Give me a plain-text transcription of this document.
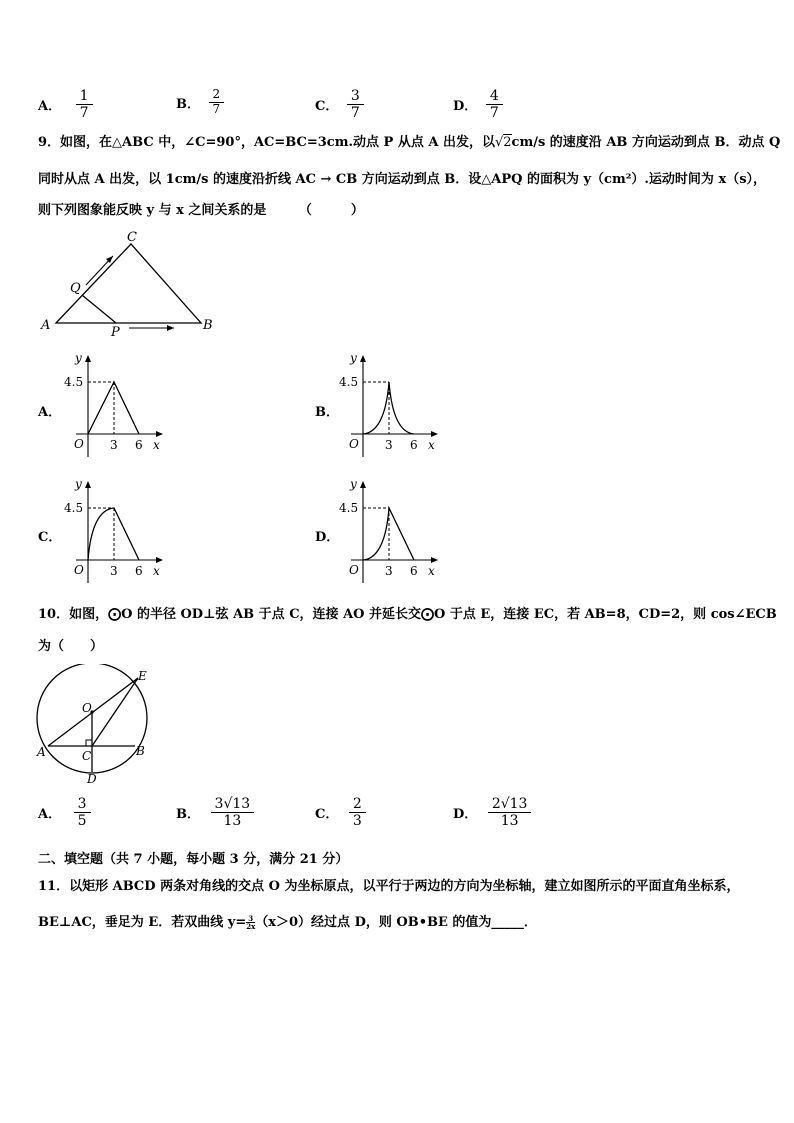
A． $\frac{1}{7}$	B． $\frac{2}{7}$	C． $\frac{3}{7}$	D． $\frac{4}{7}$
9．如图，在△ABC 中，∠C=90°，AC=BC=3cm.动点 P 从点 A 出发，以√2cm/s 的速度沿 AB 方向运动到点 B．动点 Q
同时从点 A 出发，以 1cm/s 的速度沿折线 AC → CB 方向运动到点 B．设△APQ 的面积为 y（cm²）.运动时间为 x（s），
则下列图象能反映 y 与 x 之间关系的是　　　（　　　）
C
Q
A	P	B
A．	B．
C．	D．
y
4.5
O 3 6 x
y
4.5
O 3 6 x
y
4.5
O 3 6 x
y
4.5
O 3 6 x
10．如图，⨀O 的半径 OD⊥弦 AB 于点 C，连接 AO 并延长交⨀O 于点 E，连接 EC，若 AB=8，CD=2，则 cos∠ECB
为（　　）
E
O
A	C	B
D
A． $\frac{3}{5}$	B． $\frac{3√13}{13}$	C． $\frac{2}{3}$	D． $\frac{2√13}{13}$
二、填空题（共 7 小题，每小题 3 分，满分 21 分）
11．以矩形 ABCD 两条对角线的交点 O 为坐标原点，以平行于两边的方向为坐标轴，建立如图所示的平面直角坐标系，
BE⊥AC，垂足为 E．若双曲线 $y= \frac{3}{2x} (x>0)$经过点 D，则 OB•BE 的值为_____．
